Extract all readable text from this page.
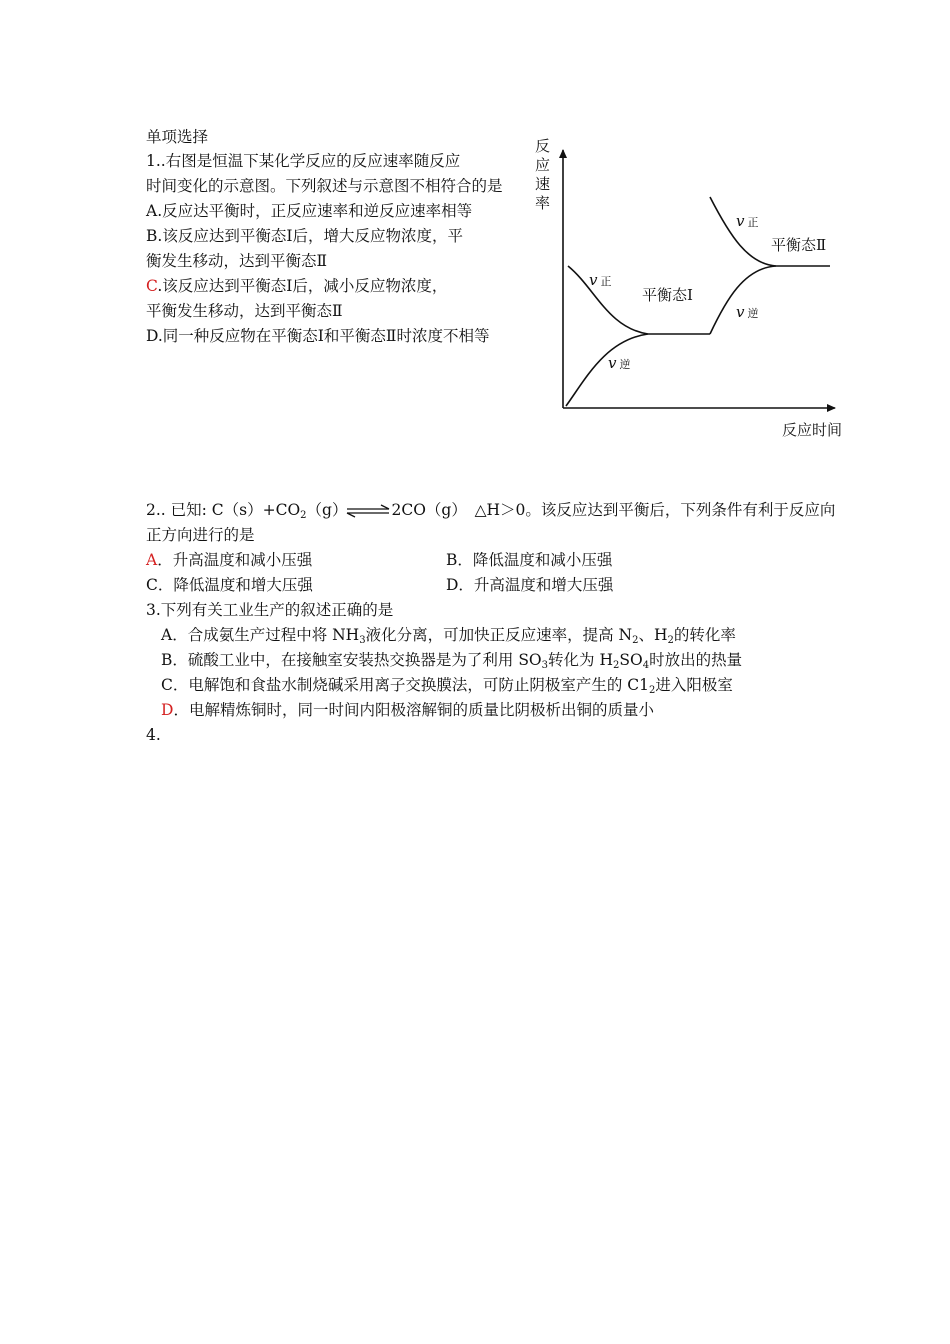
单项选择
1..右图是恒温下某化学反应的反应速率随反应
时间变化的示意图。下列叙述与示意图不相符合的是
A.反应达平衡时，正反应速率和逆反应速率相等
B.该反应达到平衡态Ⅰ后，增大反应物浓度，平
衡发生移动，达到平衡态Ⅱ
C.该反应达到平衡态Ⅰ后，减小反应物浓度，
平衡发生移动，达到平衡态Ⅱ
D.同一种反应物在平衡态Ⅰ和平衡态Ⅱ时浓度不相等
反
应
速
率
反应时间
v 正
v 逆
v 正
v 逆
平衡态Ⅰ
平衡态Ⅱ
2.. 已知: $C(s)+CO_2(g)$ ⇌2CO（g）　△H＞0。该反应达到平衡后，下列条件有利于反应向
正方向进行的是
A．升高温度和减小压强	B．降低温度和减小压强
C．降低温度和增大压强	D．升高温度和增大压强
3.下列有关工业生产的叙述正确的是
A．合成氨生产过程中将 $NH_3$液化分离，可加快正反应速率，提高 $N_2$、$H_2$的转化率
B．硫酸工业中，在接触室安装热交换器是为了利用 $SO_3$转化为 $H_2SO_4$时放出的热量
C．电解饱和食盐水制烧碱采用离子交换膜法，可防止阴极室产生的 $C1_2$进入阳极室
D．电解精炼铜时，同一时间内阳极溶解铜的质量比阴极析出铜的质量小
4.
